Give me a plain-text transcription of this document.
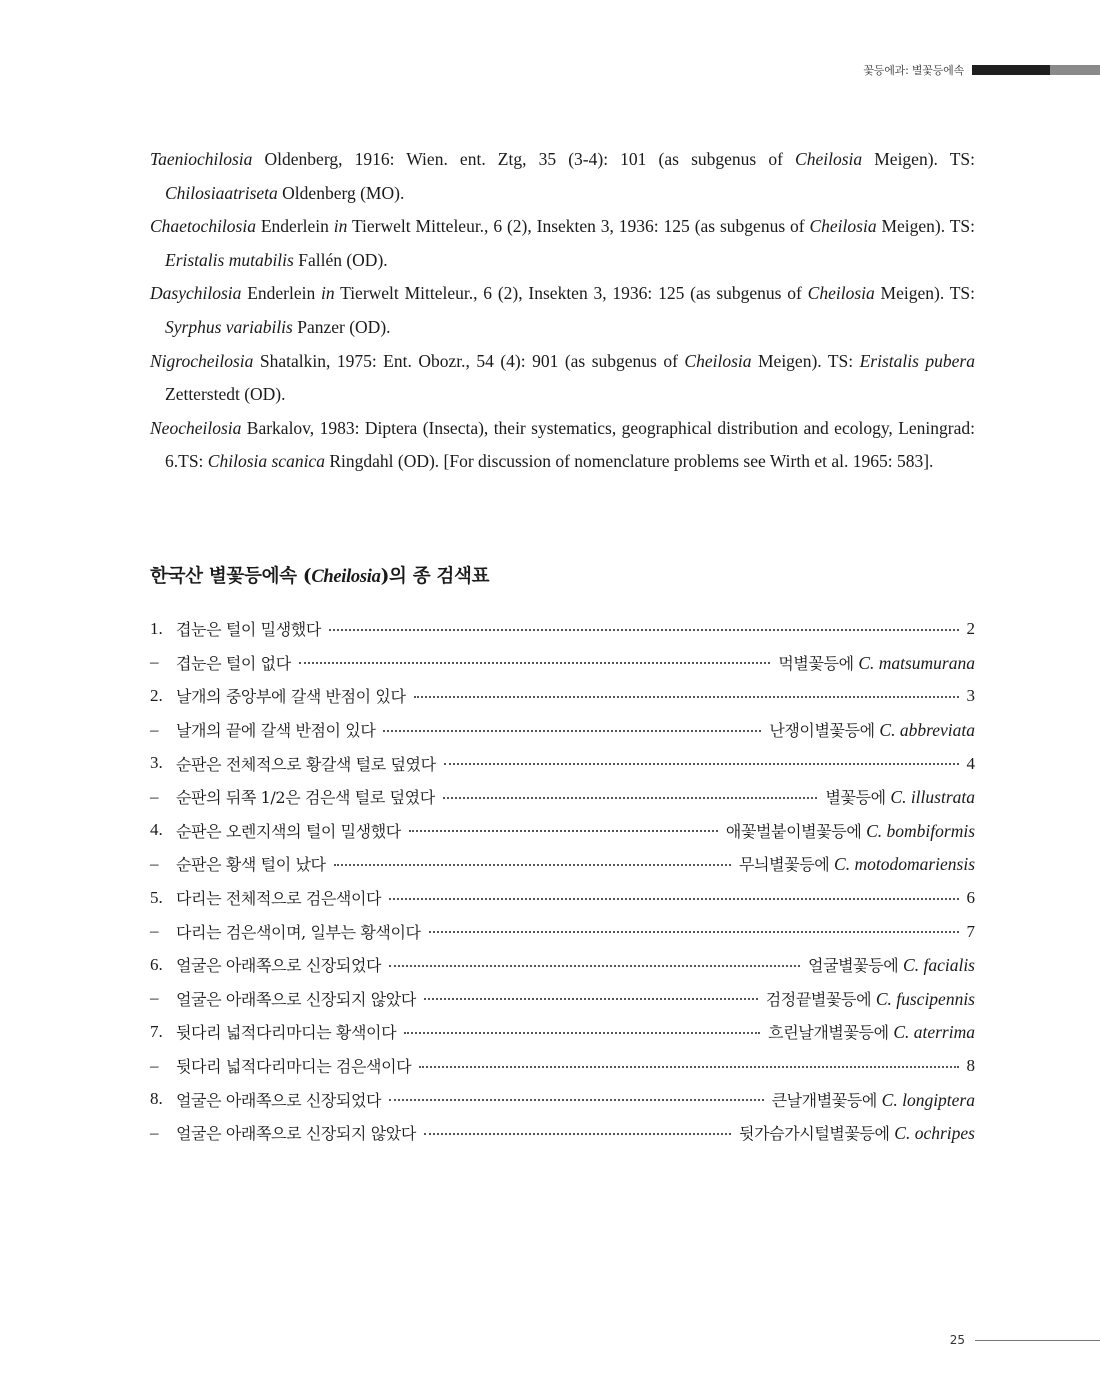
꽃등에과: 별꽃등에속
Taeniochilosia Oldenberg, 1916: Wien. ent. Ztg, 35 (3-4): 101 (as subgenus of Cheilosia Meigen). TS: Chilosiaatriseta Oldenberg (MO).
Chaetochilosia Enderlein in Tierwelt Mitteleur., 6 (2), Insekten 3, 1936: 125 (as subgenus of Cheilosia Meigen). TS: Eristalis mutabilis Fallén (OD).
Dasychilosia Enderlein in Tierwelt Mitteleur., 6 (2), Insekten 3, 1936: 125 (as subgenus of Cheilosia Meigen). TS: Syrphus variabilis Panzer (OD).
Nigrocheilosia Shatalkin, 1975: Ent. Obozr., 54 (4): 901 (as subgenus of Cheilosia Meigen). TS: Eristalis pubera Zetterstedt (OD).
Neocheilosia Barkalov, 1983: Diptera (Insecta), their systematics, geographical distribution and ecology, Leningrad: 6.TS: Chilosia scanica Ringdahl (OD). [For discussion of nomenclature problems see Wirth et al. 1965: 583].
한국산 별꽃등에속 (Cheilosia)의 종 검색표
1. 겹눈은 털이 밀생했다	2
–	겹눈은 털이 없다	먹별꽃등에 C. matsumurana
2. 날개의 중앙부에 갈색 반점이 있다	3
–	날개의 끝에 갈색 반점이 있다	난쟁이별꽃등에 C. abbreviata
3. 순판은 전체적으로 황갈색 털로 덮였다	4
–	순판의 뒤쪽 1/2은 검은색 털로 덮였다	별꽃등에 C. illustrata
4. 순판은 오렌지색의 털이 밀생했다	애꽃벌붙이별꽃등에 C. bombiformis
–	순판은 황색 털이 났다	무늬별꽃등에 C. motodomariensis
5. 다리는 전체적으로 검은색이다	6
–	다리는 검은색이며, 일부는 황색이다	7
6. 얼굴은 아래쪽으로 신장되었다	얼굴별꽃등에 C. facialis
–	얼굴은 아래쪽으로 신장되지 않았다	검정끝별꽃등에 C. fuscipennis
7. 뒷다리 넓적다리마디는 황색이다	흐린날개별꽃등에 C. aterrima
–	뒷다리 넓적다리마디는 검은색이다	8
8. 얼굴은 아래쪽으로 신장되었다	큰날개별꽃등에 C. longiptera
–	얼굴은 아래쪽으로 신장되지 않았다	뒷가슴가시털별꽃등에 C. ochripes
25
